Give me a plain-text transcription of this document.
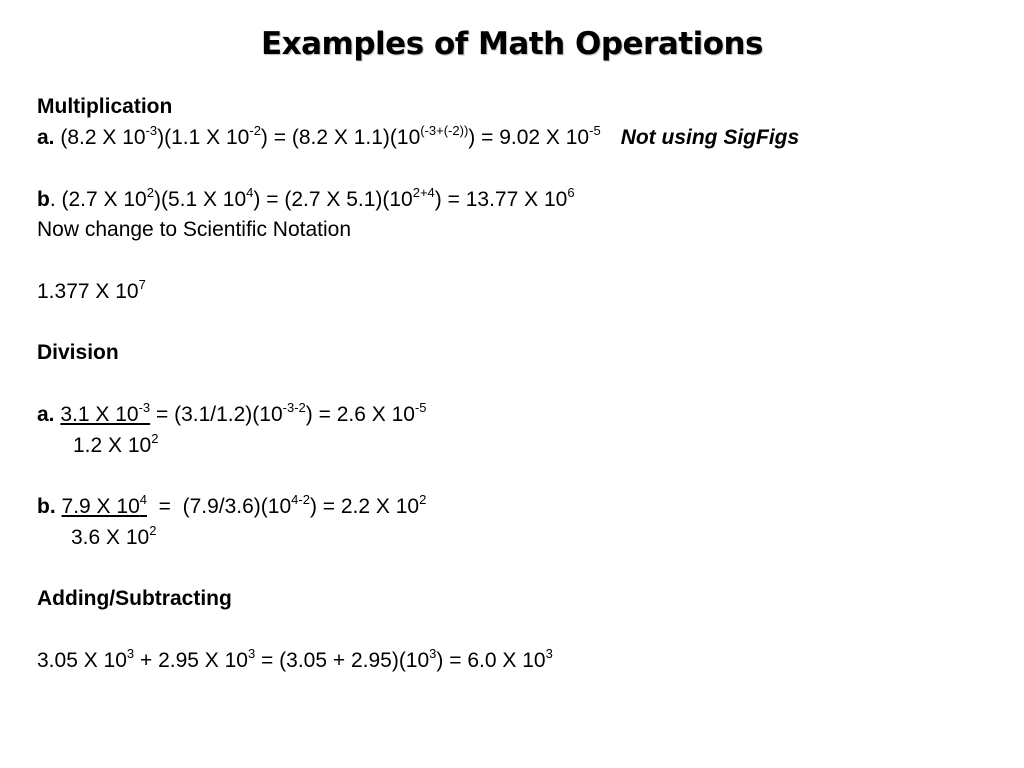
Examples of Math Operations
Multiplication
a. (8.2 X $10^{-3})(1.1$ X $10^{-2}) = (8.2$ X $1.1)(10^{(-3+(-2))}) = 9.02$ X $10^{-5}$ Not using SigFigs
b. (2.7 X $10^2)(5.1$ X $10^4) = (2.7$ X $5.1)(10^{2+4}) = 13.77$ X $10^6$
Now change to Scientific Notation
1.377 X $10^7$
Division
a. 3.1 X $10^{-3} = (3.1/1.2)(10^{-3-2}) = 2.6$ X $10^{-5}$
1.2 X $10^2$
b. 7.9 X $10^4 = (7.9/3.6)(10^{4-2}) = 2.2$ X $10^2$
3.6 X $10^2$
Adding/Subtracting
3.05 X $10^3 + 2.95$ X $10^3 = (3.05 + 2.95)(10^3) = 6.0$ X $10^3$
